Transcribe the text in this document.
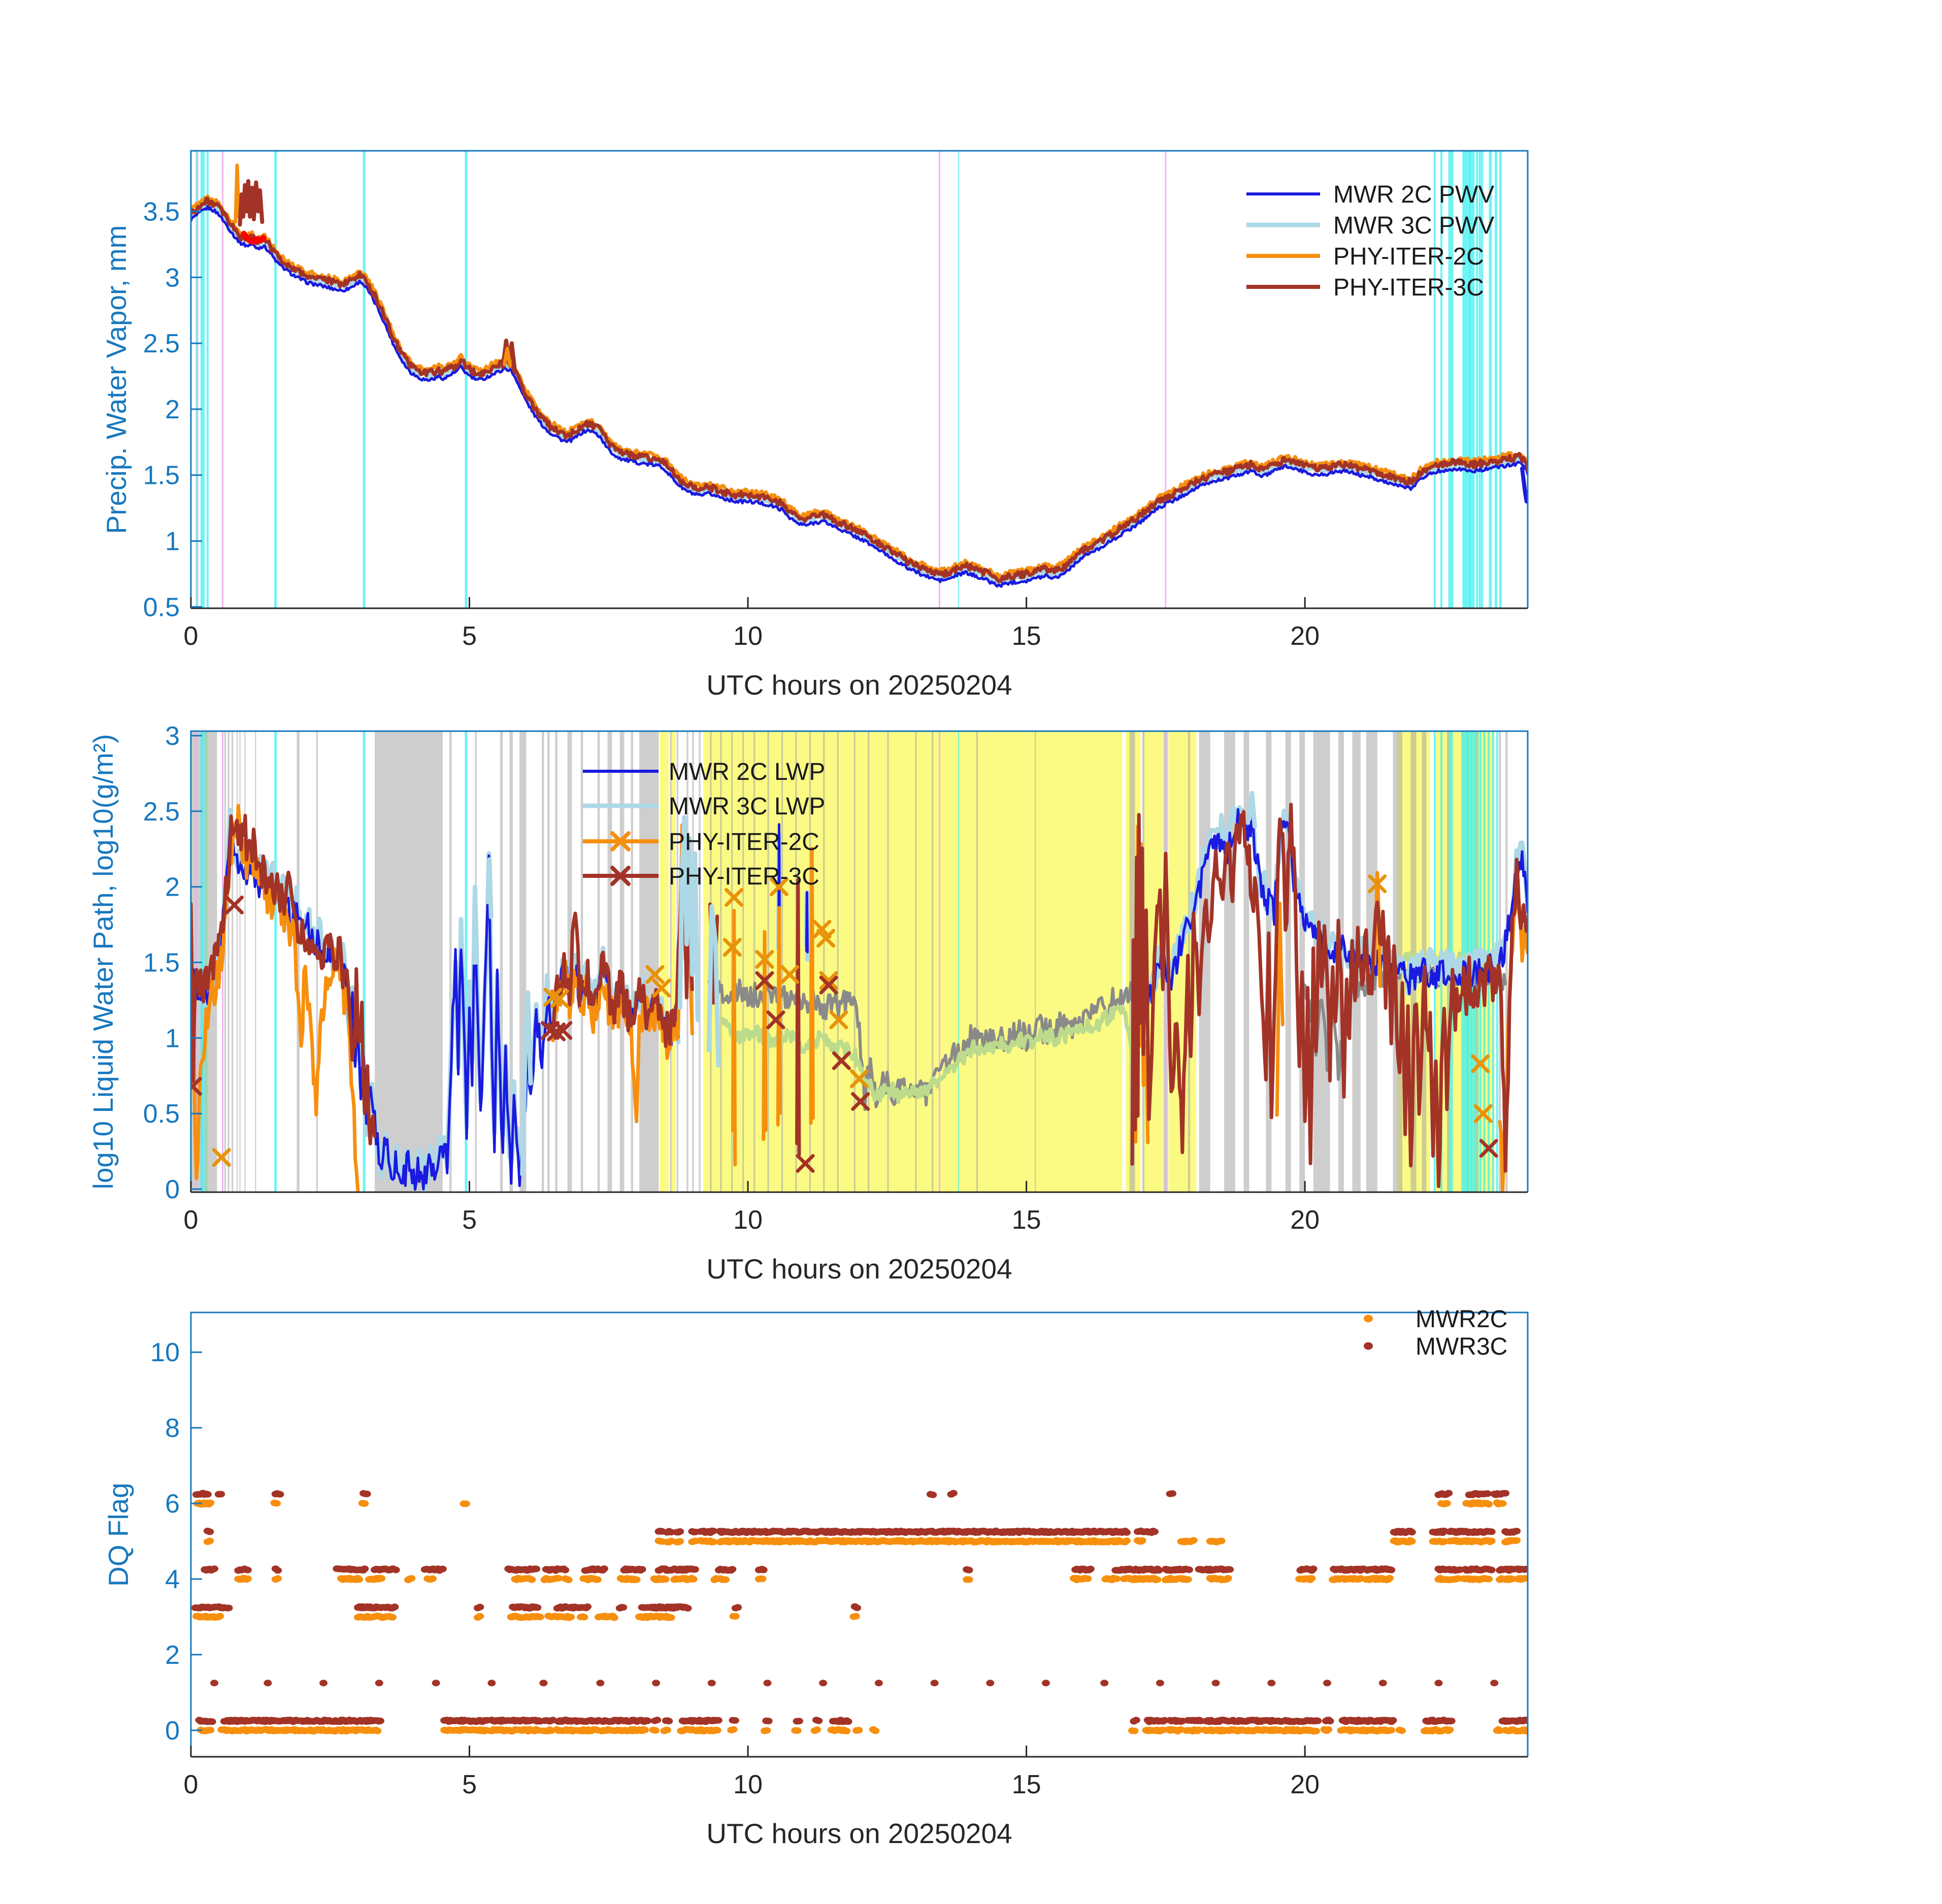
0	5	10	15	20
0.5
1
1.5
2
2.5
3
3.5
UTC hours on 20250204
Precip. Water Vapor, mm
MWR 2C PWV
MWR 3C PWV
PHY-ITER-2C
PHY-ITER-3C
0	5	10	15	20
0
0.5
1
1.5
2
2.5
3
UTC hours on 20250204
log10 Liquid Water Path, log10(g/m²)	MWR 2C LWP
MWR 3C LWP
PHY-ITER-2C
PHY-ITER-3C
0	5	10	15	20
0
2
4
6
8
10
UTC hours on 20250204
DQ Flag
MWR2C
MWR3C
